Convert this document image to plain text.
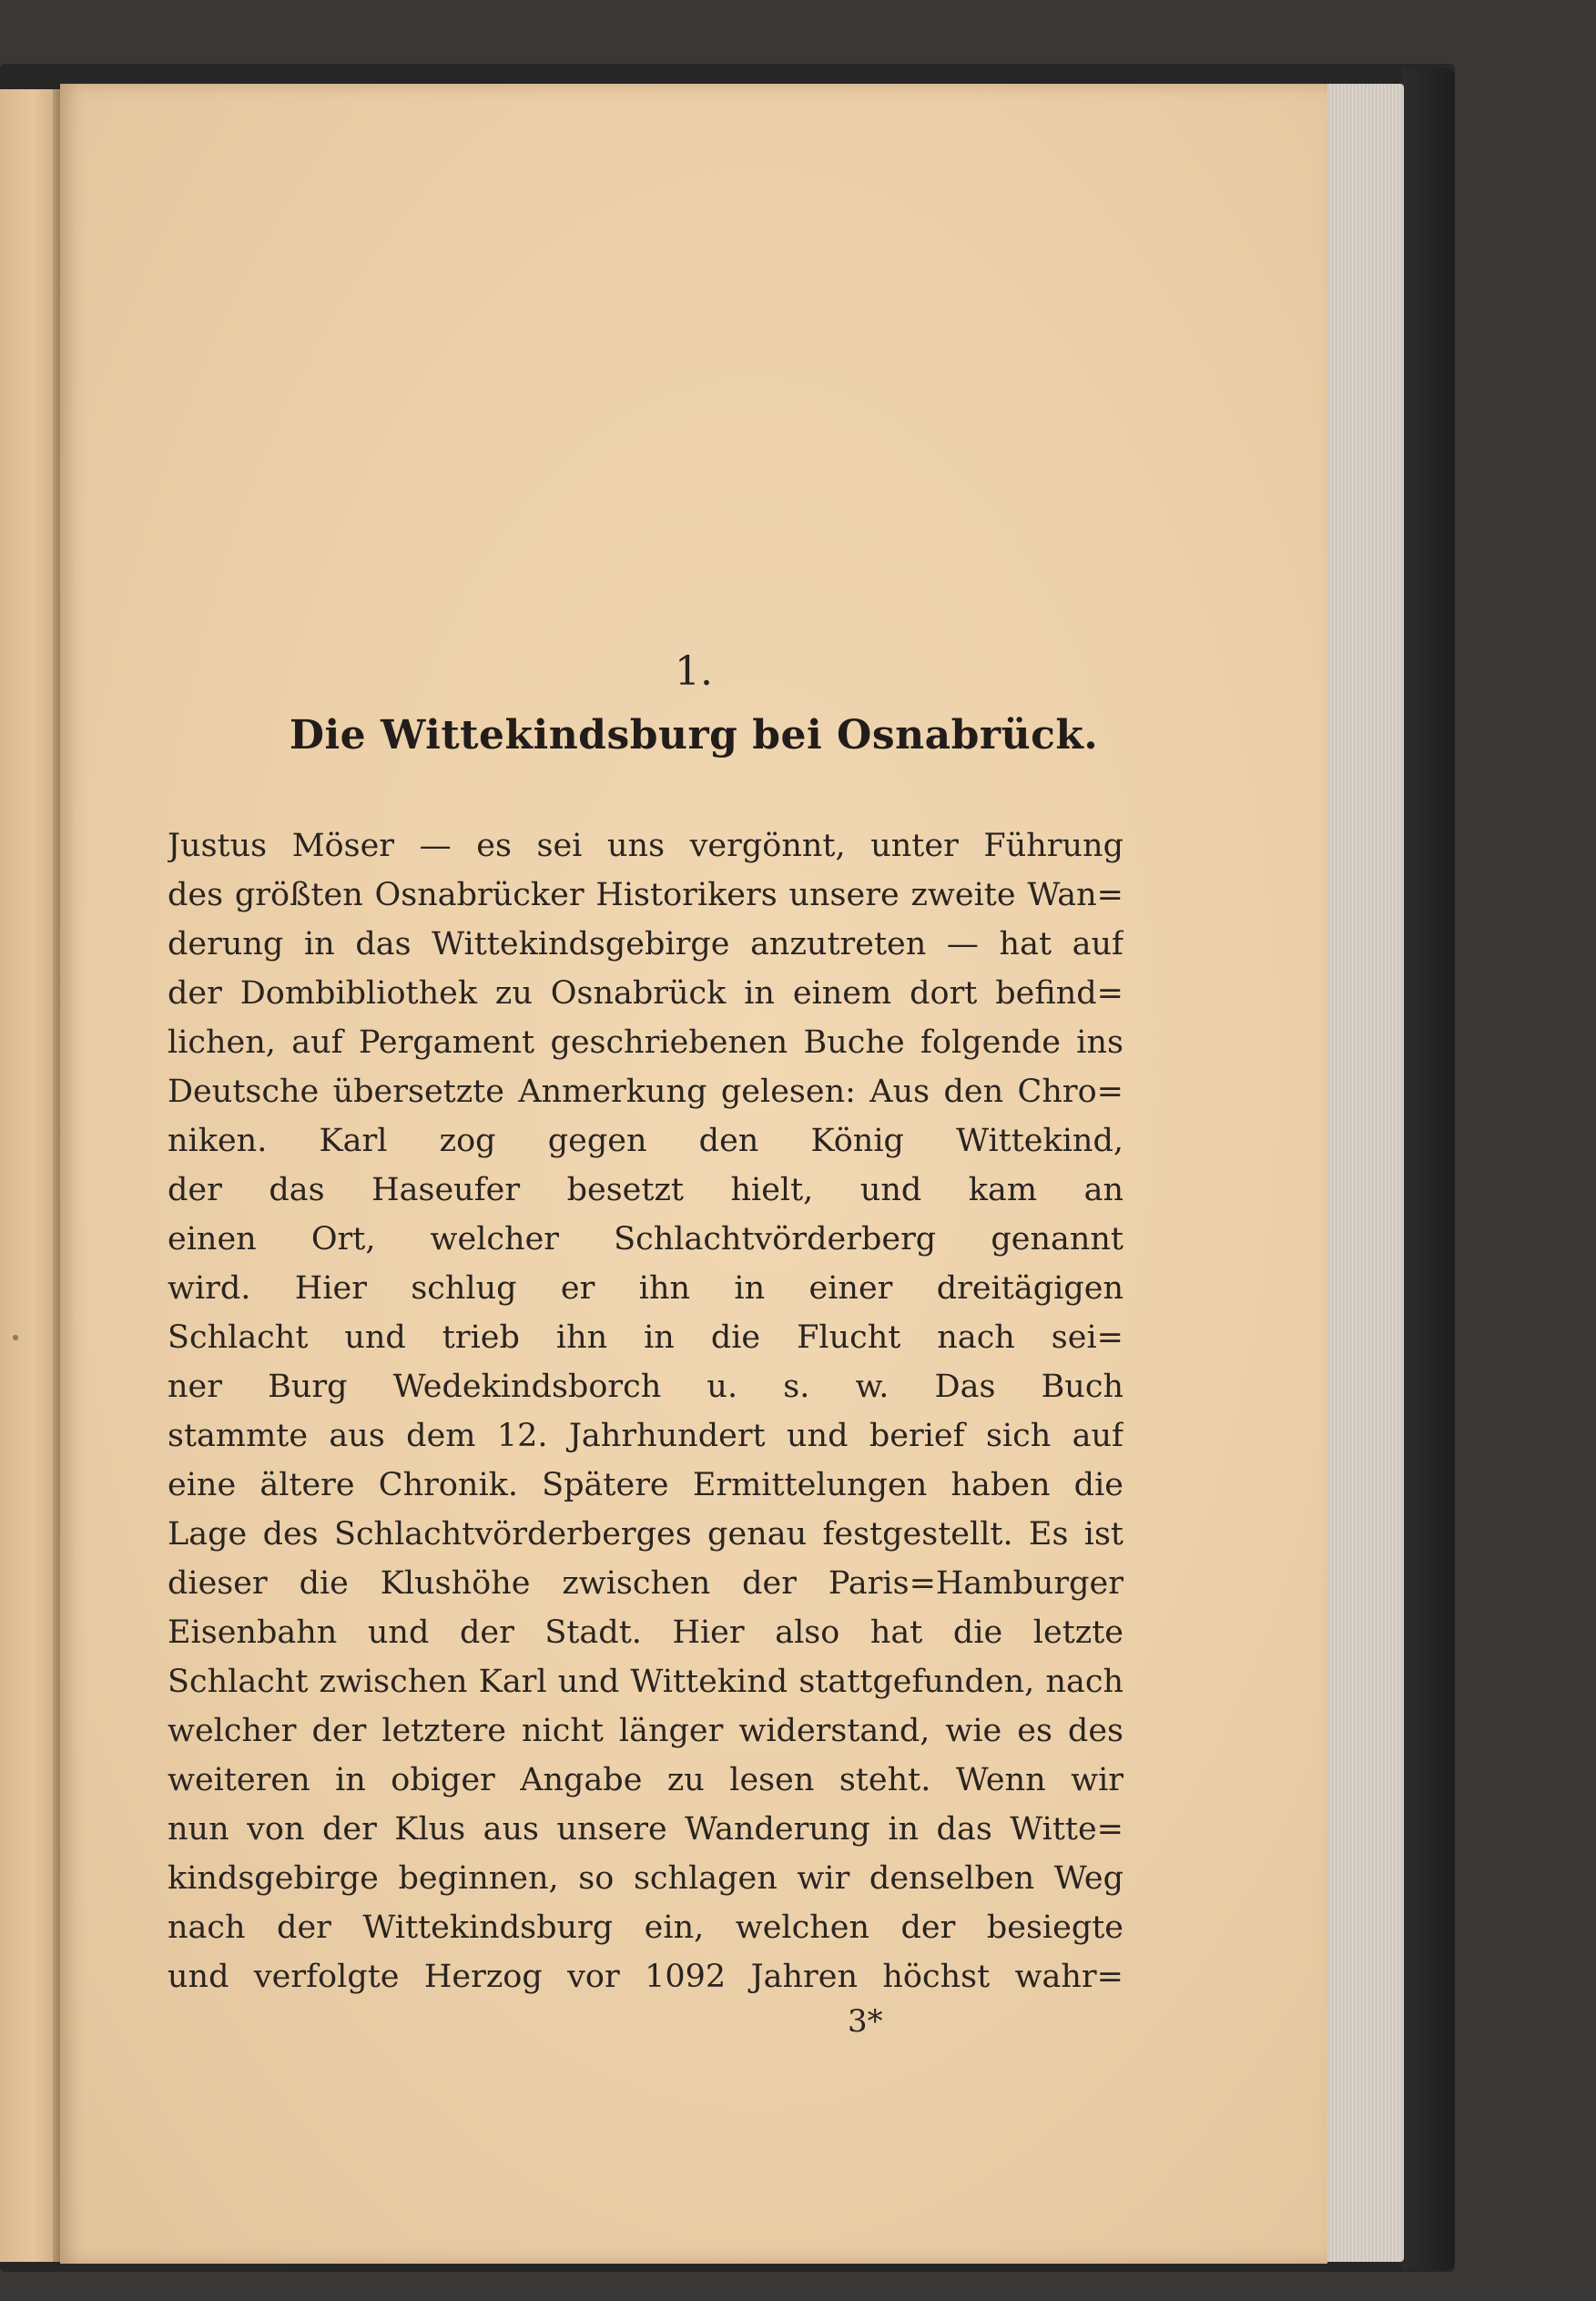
1.
Die Wittekindsburg bei Osnabrück.
Justus Möser — es sei uns vergönnt, unter Führung
des größten Osnabrücker Historikers unsere zweite Wan=
derung in das Wittekindsgebirge anzutreten — hat auf
der Dombibliothek zu Osnabrück in einem dort befind=
lichen, auf Pergament geschriebenen Buche folgende ins
Deutsche übersetzte Anmerkung gelesen: Aus den Chro=
niken. Karl zog gegen den König Wittekind,
der das Haseufer besetzt hielt, und kam an
einen Ort, welcher Schlachtvörderberg genannt
wird. Hier schlug er ihn in einer dreitägigen
Schlacht und trieb ihn in die Flucht nach sei=
ner Burg Wedekindsborch u. s. w. Das Buch
stammte aus dem 12. Jahrhundert und berief sich auf
eine ältere Chronik. Spätere Ermittelungen haben die
Lage des Schlachtvörderberges genau festgestellt. Es ist
dieser die Klushöhe zwischen der Paris=Hamburger
Eisenbahn und der Stadt. Hier also hat die letzte
Schlacht zwischen Karl und Wittekind stattgefunden, nach
welcher der letztere nicht länger widerstand, wie es des
weiteren in obiger Angabe zu lesen steht. Wenn wir
nun von der Klus aus unsere Wanderung in das Witte=
kindsgebirge beginnen, so schlagen wir denselben Weg
nach der Wittekindsburg ein, welchen der besiegte
und verfolgte Herzog vor 1092 Jahren höchst wahr=
3*
